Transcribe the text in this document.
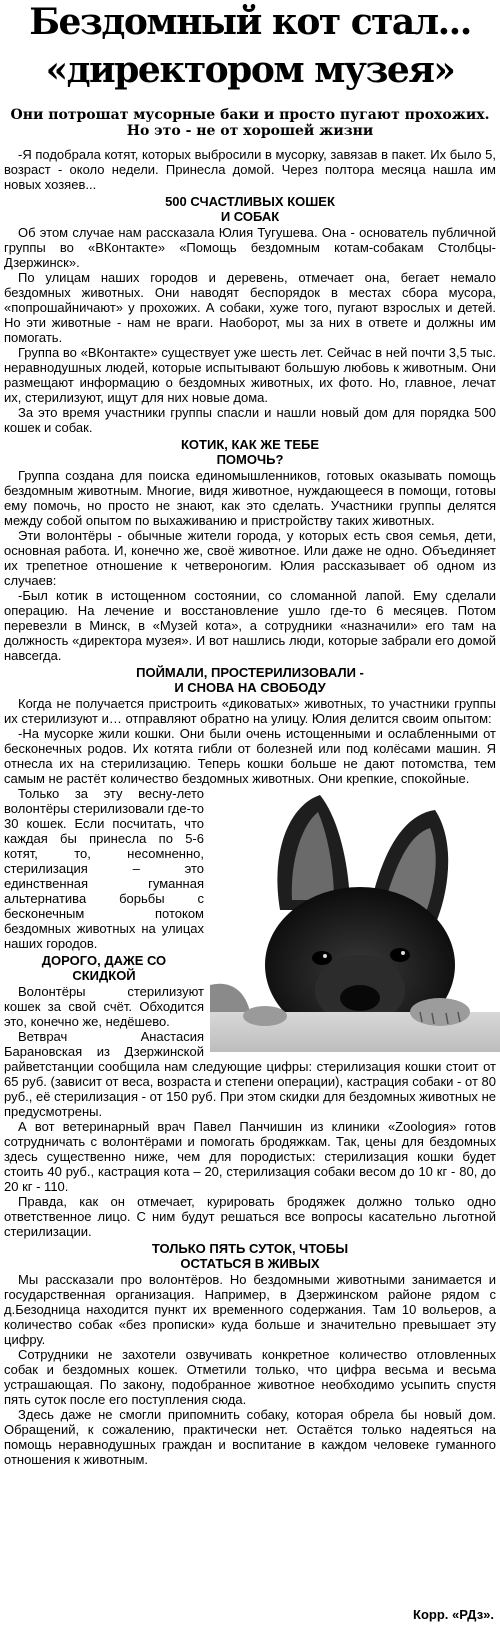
Бездомный кот стал...
«директором музея»
Они потрошат мусорные баки и просто пугают прохожих. Но это - не от хорошей жизни

-Я подобрала котят, которых выбросили в мусорку, завязав в пакет. Их было 5, возраст - около недели. Принесла домой. Через полтора месяца нашла им новых хозяев...

500 СЧАСТЛИВЫХ КОШЕК
И СОБАК

Об этом случае нам рассказала Юлия Тугушева. Она - основатель публичной группы во «ВКонтакте» «Помощь бездомным котам-собакам Столбцы-Дзержинск».

По улицам наших городов и деревень, отмечает она, бегает немало бездомных животных. Они наводят беспорядок в местах сбора мусора, «попрошайничают» у прохожих. А собаки, хуже того, пугают взрослых и детей. Но эти животные - нам не враги. Наоборот, мы за них в ответе и должны им помогать.

Группа во «ВКонтакте» существует уже шесть лет. Сейчас в ней почти 3,5 тыс. неравнодушных людей, которые испытывают большую любовь к животным. Они размещают информацию о бездомных животных, их фото. Но, главное, лечат их, стерилизуют, ищут для них новые дома.

За это время участники группы спасли и нашли новый дом для порядка 500 кошек и собак.

КОТИК, КАК ЖЕ ТЕБЕ
ПОМОЧЬ?

Группа создана для поиска единомышленников, готовых оказывать помощь бездомным животным. Многие, видя животное, нуждающееся в помощи, готовы ему помочь, но просто не знают, как это сделать. Участники группы делятся между собой опытом по выхаживанию и пристройству таких животных.

Эти волонтёры - обычные жители города, у которых есть своя семья, дети, основная работа. И, конечно же, своё животное. Или даже не одно. Объединяет их трепетное отношение к четвероногим. Юлия рассказывает об одном из случаев:

-Был котик в истощенном состоянии, со сломанной лапой. Ему сделали операцию. На лечение и восстановление ушло где-то 6 месяцев. Потом перевезли в Минск, в «Музей кота», а сотрудники «назначили» его там на должность «директора музея». И вот нашлись люди, которые забрали его домой навсегда.

ПОЙМАЛИ, ПРОСТЕРИЛИЗОВАЛИ -
И СНОВА НА СВОБОДУ

Когда не получается пристроить «диковатых» животных, то участники группы их стерилизуют и… отправляют обратно на улицу. Юлия делится своим опытом:

-На мусорке жили кошки. Они были очень истощенными и ослабленными от бесконечных родов. Их котята гибли от болезней или под колёсами машин. Я отнесла их на стерилизацию. Теперь кошки больше не дают потомства, тем самым не растёт количество бездомных животных. Они крепкие, спокойные.

Только за эту весну-лето волонтёры стерилизовали где-то 30 кошек. Если посчитать, что каждая бы принесла по 5-6 котят, то, несомненно, стерилизация – это единственная гуманная альтернатива борьбы с бесконечным потоком бездомных животных на улицах наших городов.

ДОРОГО, ДАЖЕ СО
СКИДКОЙ

Волонтёры стерилизуют кошек за свой счёт. Обходится это, конечно же, недёшево.

Ветврач Анастасия Барановская из Дзержинской райветстанции сообщила нам следующие цифры: стерилизация кошки стоит от 65 руб. (зависит от веса, возраста и степени операции), кастрация собаки - от 80 руб., её стерилизация - от 150 руб. При этом скидки для бездомных животных не предусмотрены.

А вот ветеринарный врач Павел Панчишин из клиники «Zoologия» готов сотрудничать с волонтёрами и помогать бродяжкам. Так, цены для бездомных здесь существенно ниже, чем для породистых: стерилизация кошки будет стоить 40 руб., кастрация кота – 20, стерилизация собаки весом до 10 кг - 80, до 20 кг - 110.

Правда, как он отмечает, курировать бродяжек должно только одно ответственное лицо. С ним будут решаться все вопросы касательно льготной стерилизации.

ТОЛЬКО ПЯТЬ СУТОК, ЧТОБЫ
ОСТАТЬСЯ В ЖИВЫХ

Мы рассказали про волонтёров. Но бездомными животными занимается и государственная организация. Например, в Дзержинском районе рядом с д.Безодница находится пункт их временного содержания. Там 10 вольеров, а количество собак «без прописки» куда больше и значительно превышает эту цифру.

Сотрудники не захотели озвучивать конкретное количество отловленных собак и бездомных кошек. Отметили только, что цифра весьма и весьма устрашающая. По закону, подобранное животное необходимо усыпить спустя пять суток после его поступления сюда.

Здесь даже не смогли припомнить собаку, которая обрела бы новый дом. Обращений, к сожалению, практически нет. Остаётся только надеяться на помощь неравнодушных граждан и воспитание в каждом человеке гуманного отношения к животным.

Корр. «РДз».
